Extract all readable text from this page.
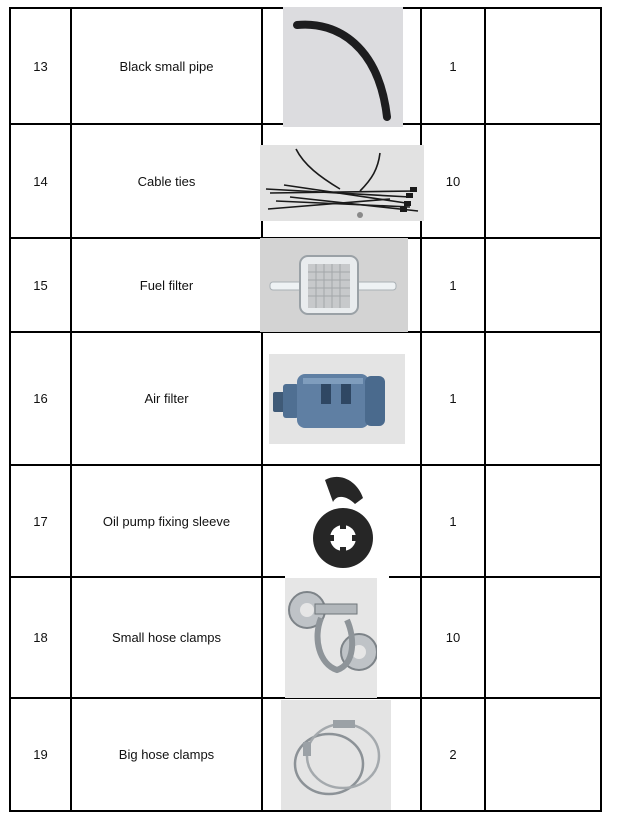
13	Black small pipe		1	
14	Cable ties		10	
15	Fuel filter		1	
16	Air filter		1	
17	Oil pump fixing sleeve		1	
18	Small hose clamps		10	
19	Big hose clamps		2	
